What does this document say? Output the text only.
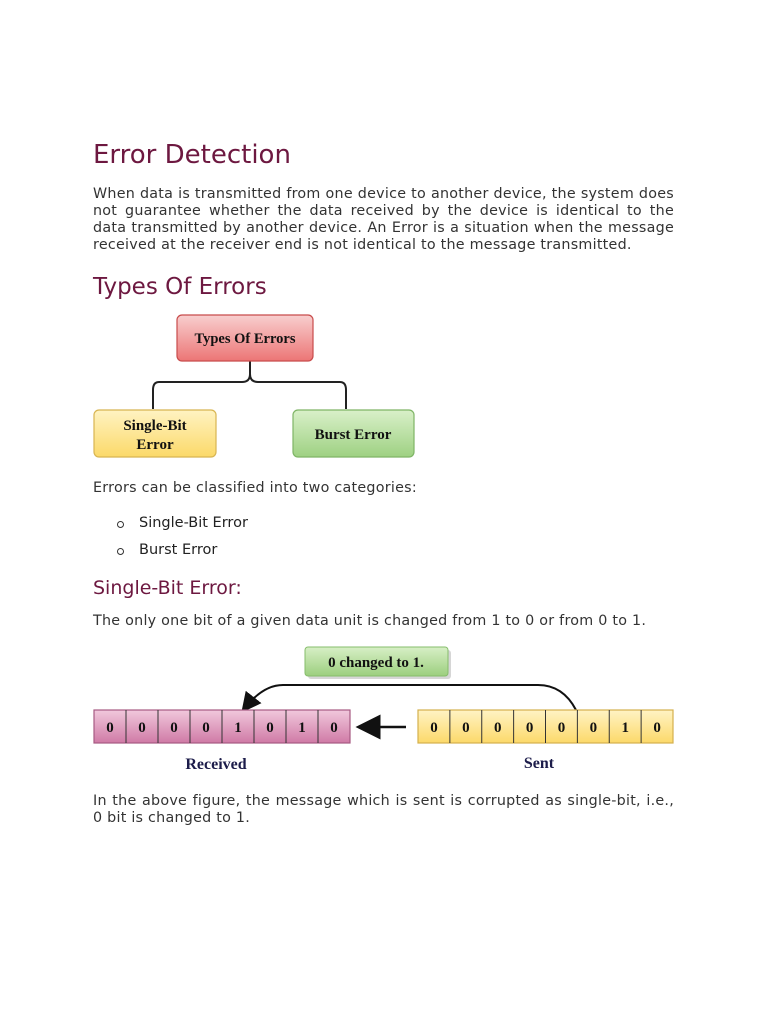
Error Detection

When data is transmitted from one device to another device, the system does not guarantee whether the data received by the device is identical to the data transmitted by another device. An Error is a situation when the message received at the receiver end is not identical to the message transmitted.

Types Of Errors
Types Of Errors
Single-Bit
Error
Burst Error

Errors can be classified into two categories:

Single-Bit Error
Burst Error
Single-Bit Error:

The only one bit of a given data unit is changed from 1 to 0 or from 0 to 1.

0 changed to 1.
0 0 0 0 1 0 1 0	0 0 0 0 0 0 1 0
Received	Sent

In the above figure, the message which is sent is corrupted as single-bit, i.e., 0 bit is changed to 1.
